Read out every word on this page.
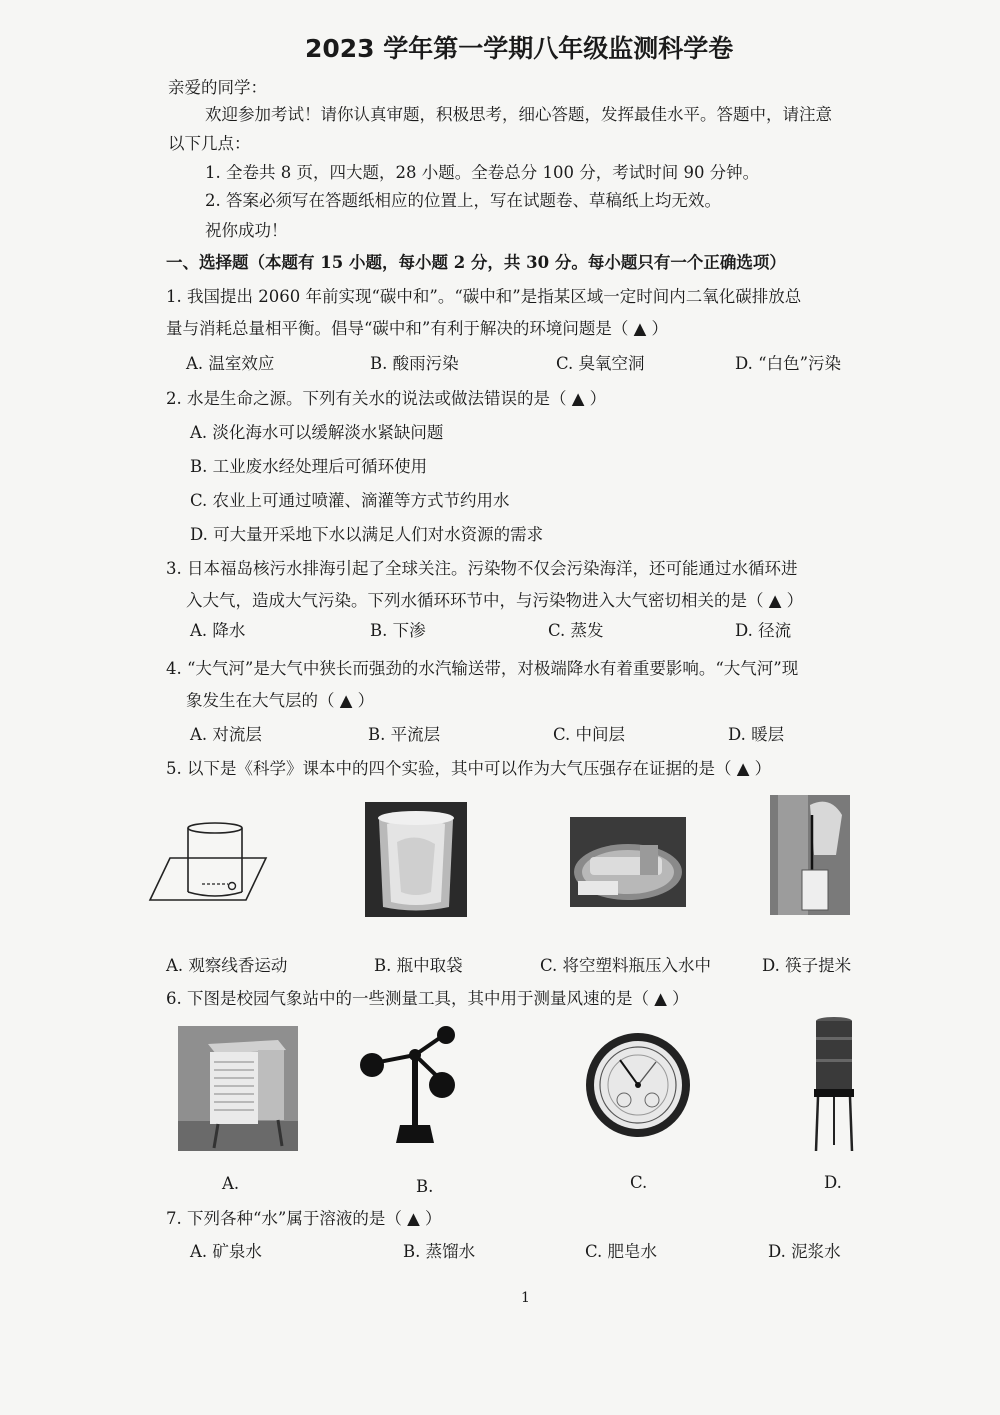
2023 学年第一学期八年级监测科学卷
亲爱的同学：
欢迎参加考试！请你认真审题，积极思考，细心答题，发挥最佳水平。答题中，请注意
以下几点：
1. 全卷共 8 页，四大题，28 小题。全卷总分 100 分，考试时间 90 分钟。
2. 答案必须写在答题纸相应的位置上，写在试题卷、草稿纸上均无效。
祝你成功！
一、选择题（本题有 15 小题，每小题 2 分，共 30 分。每小题只有一个正确选项）
1. 我国提出 2060 年前实现“碳中和”。“碳中和”是指某区域一定时间内二氧化碳排放总
量与消耗总量相平衡。倡导“碳中和”有利于解决的环境问题是（ ▲ ）
A. 温室效应	B. 酸雨污染	C. 臭氧空洞	D. “白色”污染
2. 水是生命之源。下列有关水的说法或做法错误的是（ ▲ ）
A. 淡化海水可以缓解淡水紧缺问题
B. 工业废水经处理后可循环使用
C. 农业上可通过喷灌、滴灌等方式节约用水
D. 可大量开采地下水以满足人们对水资源的需求
3. 日本福岛核污水排海引起了全球关注。污染物不仅会污染海洋，还可能通过水循环进
入大气，造成大气污染。下列水循环环节中，与污染物进入大气密切相关的是（ ▲ ）
A. 降水	B. 下渗	C. 蒸发	D. 径流
4. “大气河”是大气中狭长而强劲的水汽输送带，对极端降水有着重要影响。“大气河”现
象发生在大气层的（ ▲ ）
A. 对流层	B. 平流层	C. 中间层	D. 暖层
5. 以下是《科学》课本中的四个实验，其中可以作为大气压强存在证据的是（ ▲ ）
A. 观察线香运动	B. 瓶中取袋	C. 将空塑料瓶压入水中	D. 筷子提米
6. 下图是校园气象站中的一些测量工具，其中用于测量风速的是（ ▲ ）
A.	B.	C.	D.
7. 下列各种“水”属于溶液的是（ ▲ ）
A. 矿泉水	B. 蒸馏水	C. 肥皂水	D. 泥浆水
1
